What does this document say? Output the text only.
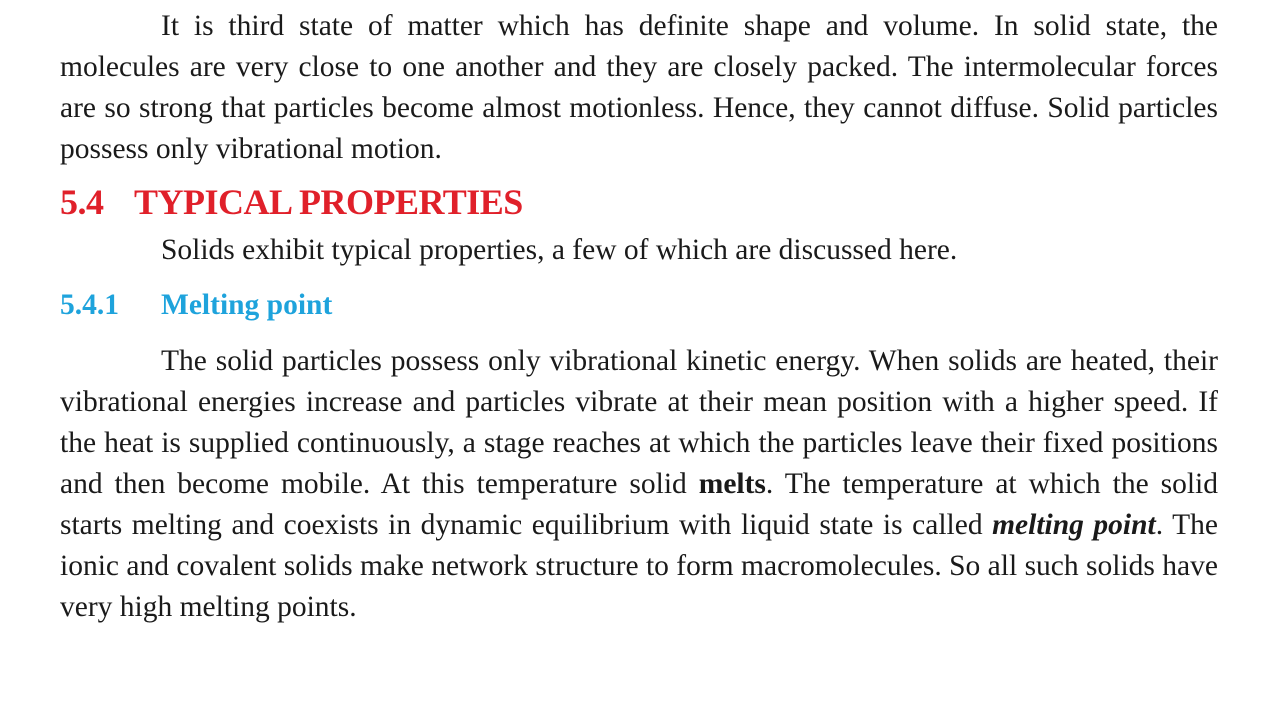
It is third state of matter which has definite shape and volume. In solid state, the molecules are very close to one another and they are closely packed. The intermolecular forces are so strong that particles become almost motionless. Hence, they cannot diffuse. Solid particles possess only vibrational motion.

5.4 TYPICAL PROPERTIES

Solids exhibit typical properties, a few of which are discussed here.

5.4.1 Melting point

The solid particles possess only vibrational kinetic energy. When solids are heated, their vibrational energies increase and particles vibrate at their mean position with a higher speed. If the heat is supplied continuously, a stage reaches at which the particles leave their fixed positions and then become mobile. At this temperature solid melts. The temperature at which the solid starts melting and coexists in dynamic equilibrium with liquid state is called melting point. The ionic and covalent solids make network structure to form macromolecules. So all such solids have very high melting points.
